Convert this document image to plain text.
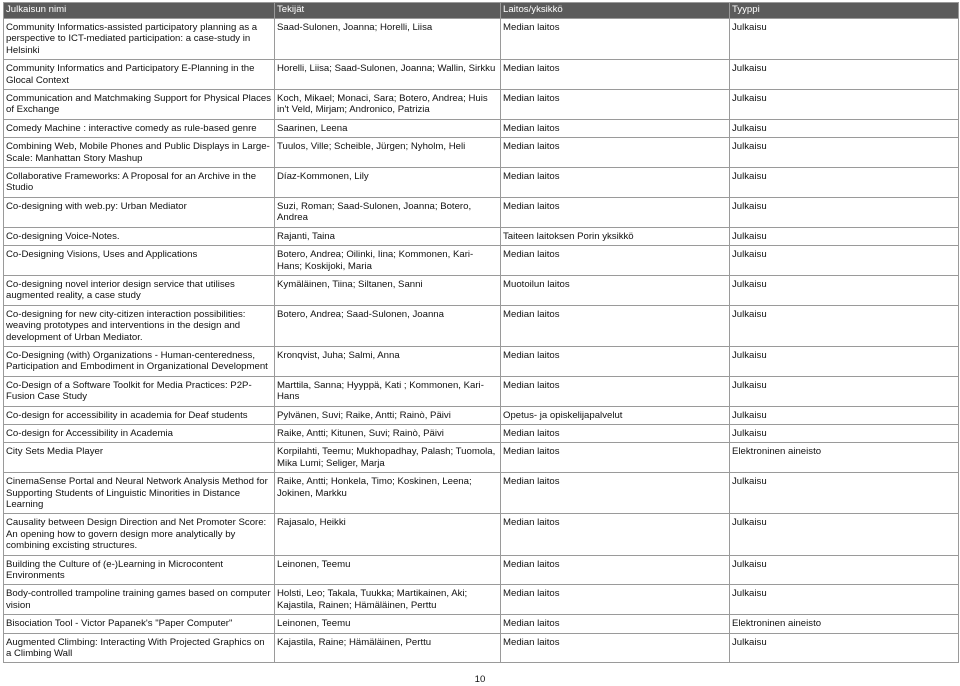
Julkaisun nimi	Tekijät	Laitos/yksikkö	Tyyppi
Community Informatics-assisted participatory planning as a perspective to ICT-mediated participation: a case-study in Helsinki	Saad-Sulonen, Joanna; Horelli, Liisa	Median laitos	Julkaisu
Community Informatics and Participatory E-Planning in the Glocal Context	Horelli, Liisa; Saad-Sulonen, Joanna; Wallin, Sirkku	Median laitos	Julkaisu
Communication and Matchmaking Support for Physical Places of Exchange	Koch, Mikael; Monaci, Sara; Botero, Andrea; Huis in't Veld, Mirjam; Andronico, Patrizia	Median laitos	Julkaisu
Comedy Machine : interactive comedy as rule-based genre	Saarinen, Leena	Median laitos	Julkaisu
Combining Web, Mobile Phones and Public Displays in Large-Scale: Manhattan Story Mashup	Tuulos, Ville; Scheible, Jürgen; Nyholm, Heli	Median laitos	Julkaisu
Collaborative Frameworks: A Proposal for an Archive in the Studio	Díaz-Kommonen, Lily	Median laitos	Julkaisu
Co-designing with web.py: Urban Mediator	Suzi, Roman; Saad-Sulonen, Joanna; Botero, Andrea	Median laitos	Julkaisu
Co-designing Voice-Notes.	Rajanti, Taina	Taiteen laitoksen Porin yksikkö	Julkaisu
Co-Designing Visions, Uses and Applications	Botero, Andrea; Oilinki, Iina; Kommonen, Kari-Hans; Koskijoki, Maria	Median laitos	Julkaisu
Co-designing novel interior design service that utilises augmented reality, a case study	Kymäläinen, Tiina; Siltanen, Sanni	Muotoilun laitos	Julkaisu
Co-designing for new city-citizen interaction possibilities: weaving prototypes and interventions in the design and development of Urban Mediator.	Botero, Andrea; Saad-Sulonen, Joanna	Median laitos	Julkaisu
Co-Designing (with) Organizations - Human-centeredness, Participation and Embodiment in Organizational Development	Kronqvist, Juha; Salmi, Anna	Median laitos	Julkaisu
Co-Design of a Software Toolkit for Media Practices: P2P-Fusion Case Study	Marttila, Sanna; Hyyppä, Kati ; Kommonen, Kari-Hans	Median laitos	Julkaisu
Co-design for accessibility in academia for Deaf students	Pylvänen, Suvi; Raike, Antti; Rainò, Päivi	Opetus- ja opiskelijapalvelut	Julkaisu
Co-design for Accessibility in Academia	Raike, Antti; Kitunen, Suvi; Rainò, Päivi	Median laitos	Julkaisu
City Sets Media Player	Korpilahti, Teemu; Mukhopadhay, Palash; Tuomola, Mika Lumi; Seliger, Marja	Median laitos	Elektroninen aineisto
CinemaSense Portal and Neural Network Analysis Method for Supporting Students of Linguistic Minorities in Distance Learning	Raike, Antti; Honkela, Timo; Koskinen, Leena; Jokinen, Markku	Median laitos	Julkaisu
Causality between Design Direction and Net Promoter Score: An opening how to govern design more analytically by combining excisting structures.	Rajasalo, Heikki	Median laitos	Julkaisu
Building the Culture of (e-)Learning in Microcontent Environments	Leinonen, Teemu	Median laitos	Julkaisu
Body-controlled trampoline training games based on computer vision	Holsti, Leo; Takala, Tuukka; Martikainen, Aki; Kajastila, Rainen; Hämäläinen, Perttu	Median laitos	Julkaisu
Bisociation Tool - Victor Papanek's "Paper Computer"	Leinonen, Teemu	Median laitos	Elektroninen aineisto
Augmented Climbing: Interacting With Projected Graphics on a Climbing Wall	Kajastila, Raine; Hämäläinen, Perttu	Median laitos	Julkaisu
10
